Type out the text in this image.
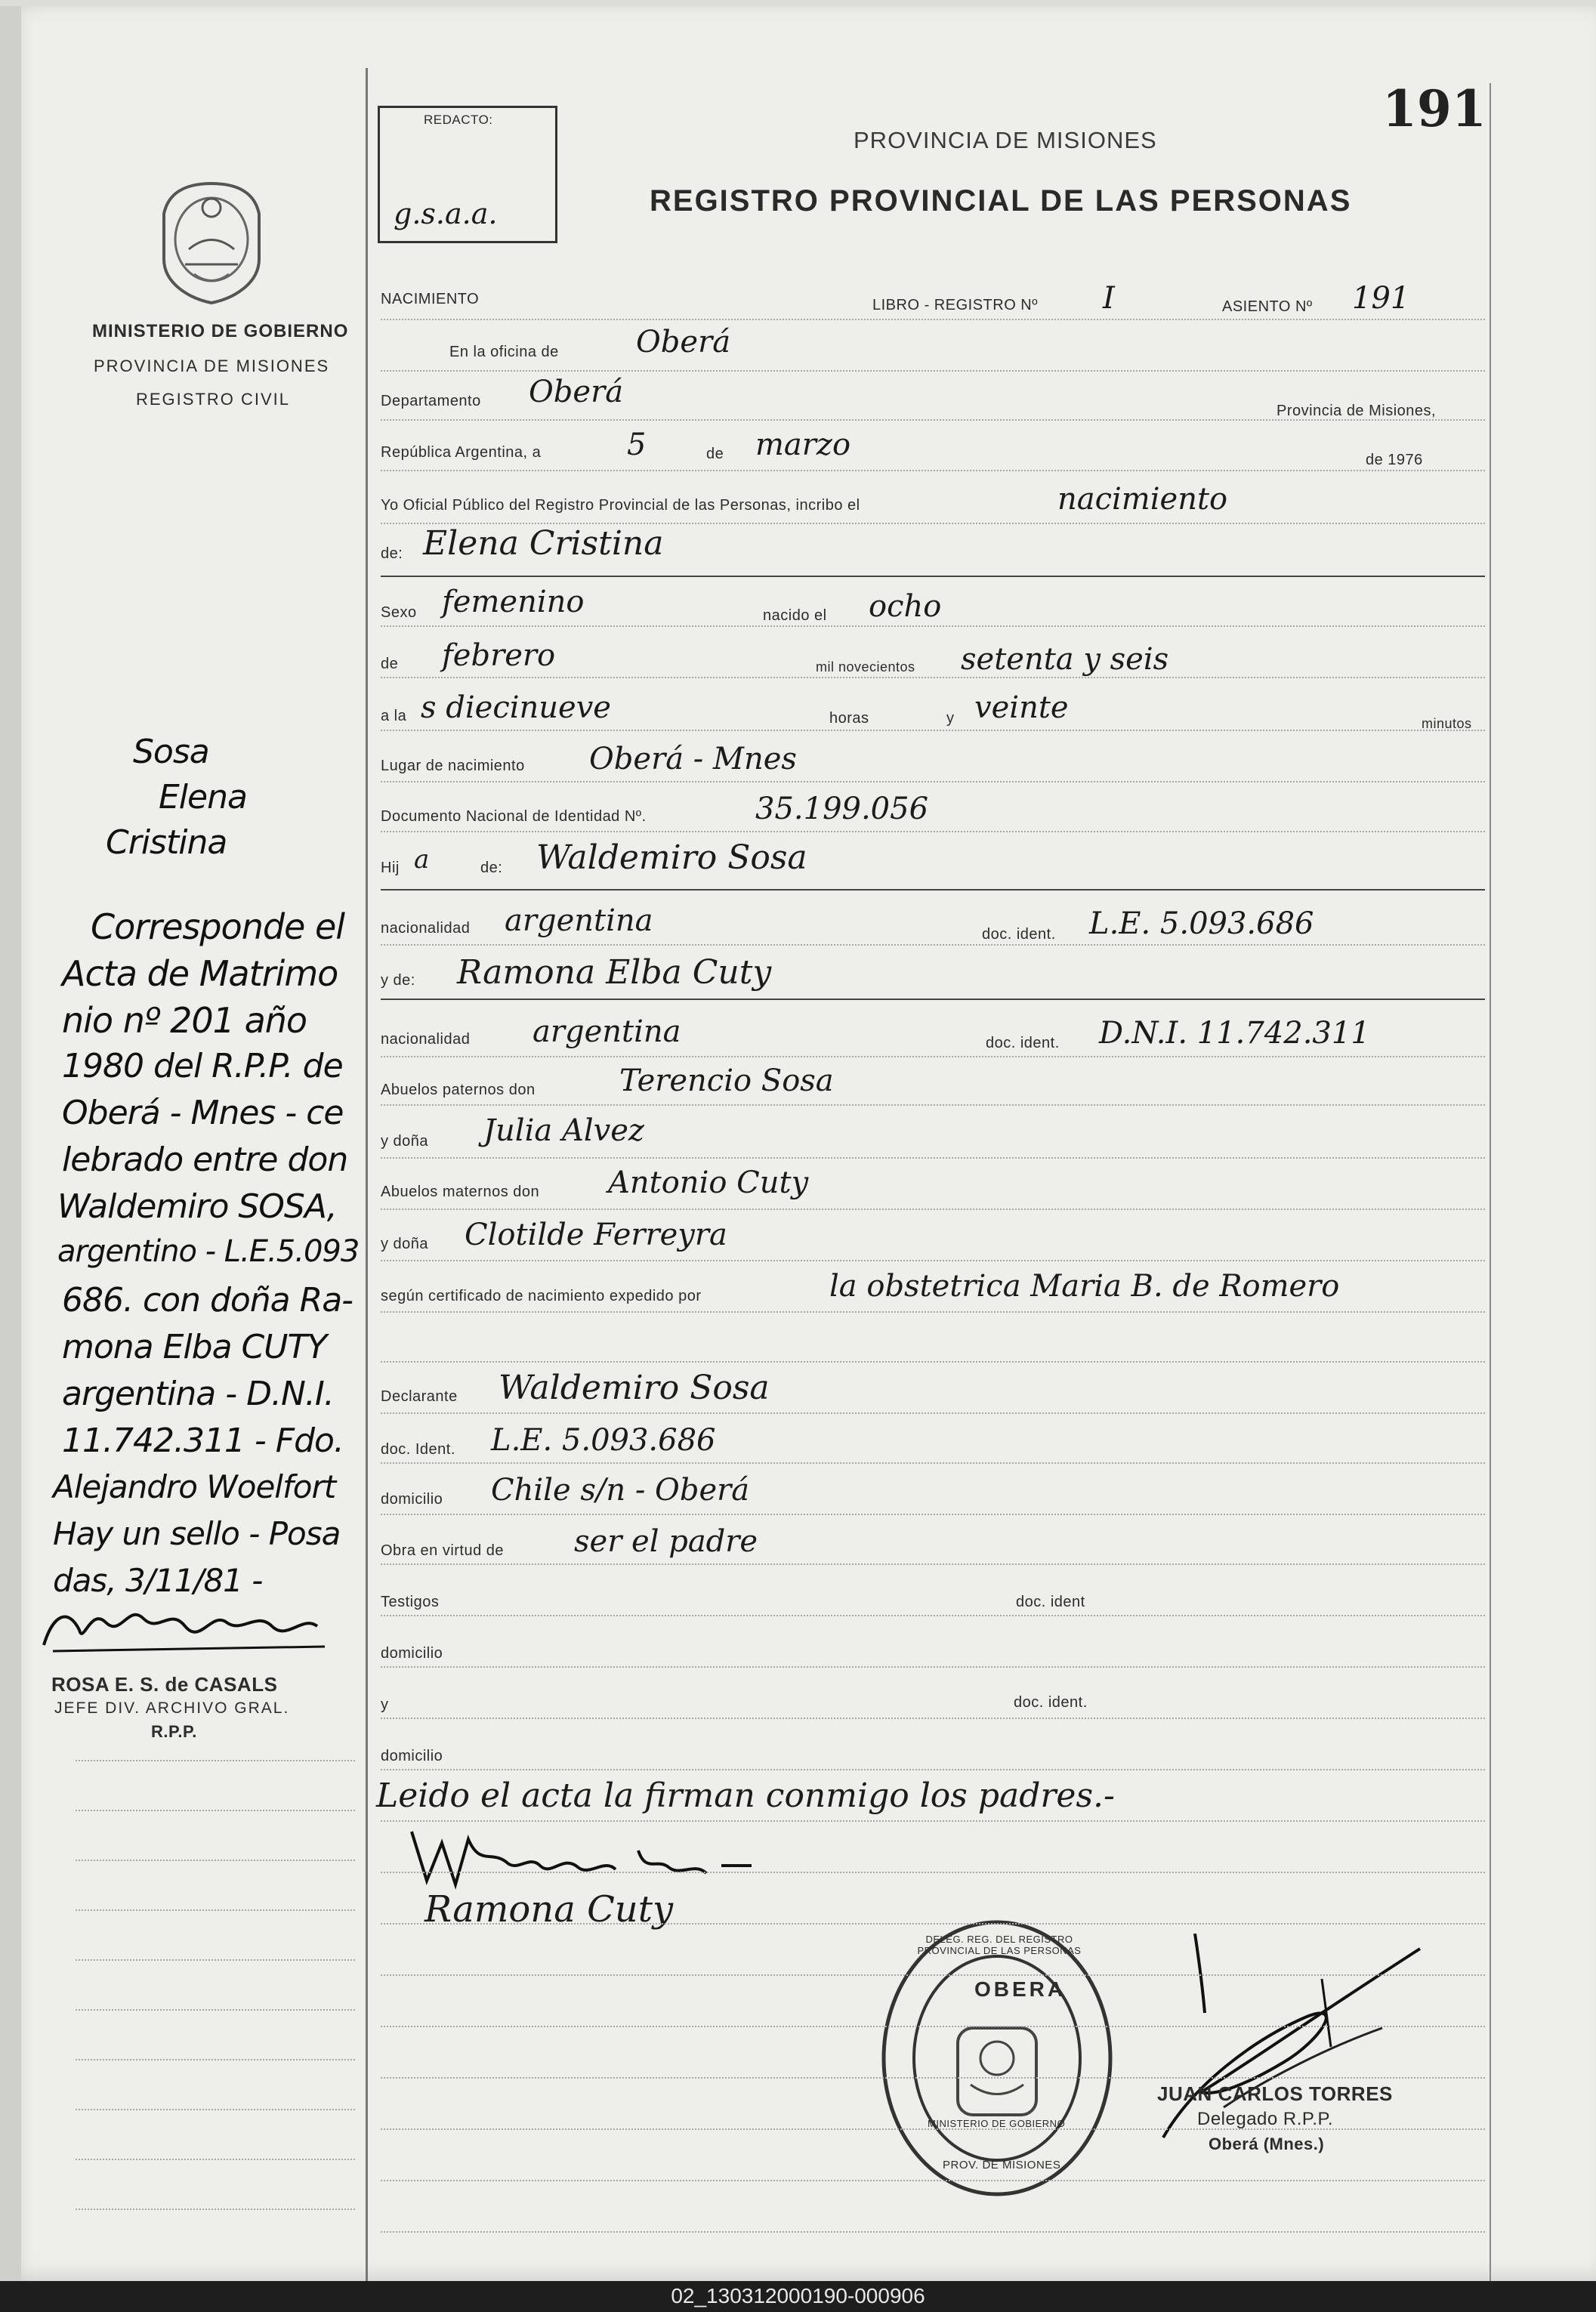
REDACTO:
g.s.a.a.
191
PROVINCIA DE MISIONES
REGISTRO PROVINCIAL DE LAS PERSONAS
MINISTERIO DE GOBIERNO
PROVINCIA DE MISIONES
REGISTRO CIVIL
Sosa
Elena
Cristina
Corresponde el
Acta de Matrimo
nio nº 201 año
1980 del R.P.P. de
Oberá - Mnes - ce
lebrado entre don
Waldemiro SOSA,
argentino - L.E.5.093
686. con doña Ra-
mona Elba CUTY
argentina - D.N.I.
11.742.311 - Fdo.
Alejandro Woelfort
Hay un sello - Posa
das, 3/11/81 -
ROSA E. S. de CASALS
JEFE DIV. ARCHIVO GRAL.
R.P.P.
NACIMIENTO	LIBRO - REGISTRO Nº I	ASIENTO Nº 191
En la oficina de	Oberá
Departamento Oberá
Provincia de Misiones,
República Argentina, a	5	de marzo	de 1976
Yo Oficial Público del Registro Provincial de las Personas, incribo el	nacimiento
de: Elena Cristina
Sexo femenino	nacido el ocho
de febrero	mil novecientos setenta y seis
a la s diecinueve	horas	y veinte	minutos
Lugar de nacimiento Oberá - Mnes
Documento Nacional de Identidad Nº.	35.199.056
Hij a	de: Waldemiro Sosa
nacionalidad argentina	doc. ident. L.E. 5.093.686
y de: Ramona Elba Cuty
nacionalidad argentina	doc. ident. D.N.I. 11.742.311
Abuelos paternos don	Terencio Sosa
y doña Julia Alvez
Abuelos maternos don Antonio Cuty
y doña Clotilde Ferreyra
según certificado de nacimiento expedido por	la obstetrica Maria B. de Romero
Declarante Waldemiro Sosa
doc. Ident. L.E. 5.093.686
domicilio Chile s/n - Oberá
Obra en virtud de ser el padre
Testigos	doc. ident
domicilio
y	doc. ident.
domicilio
Leido el acta la firman conmigo los padres.-
Ramona Cuty
OBERA
DELEG. REG. DEL REGISTRO PROVINCIAL DE LAS PERSONAS
MINISTERIO DE GOBIERNO
PROV. DE MISIONES
JUAN CARLOS TORRES
Delegado R.P.P.
Oberá (Mnes.)
02_130312000190-000906
